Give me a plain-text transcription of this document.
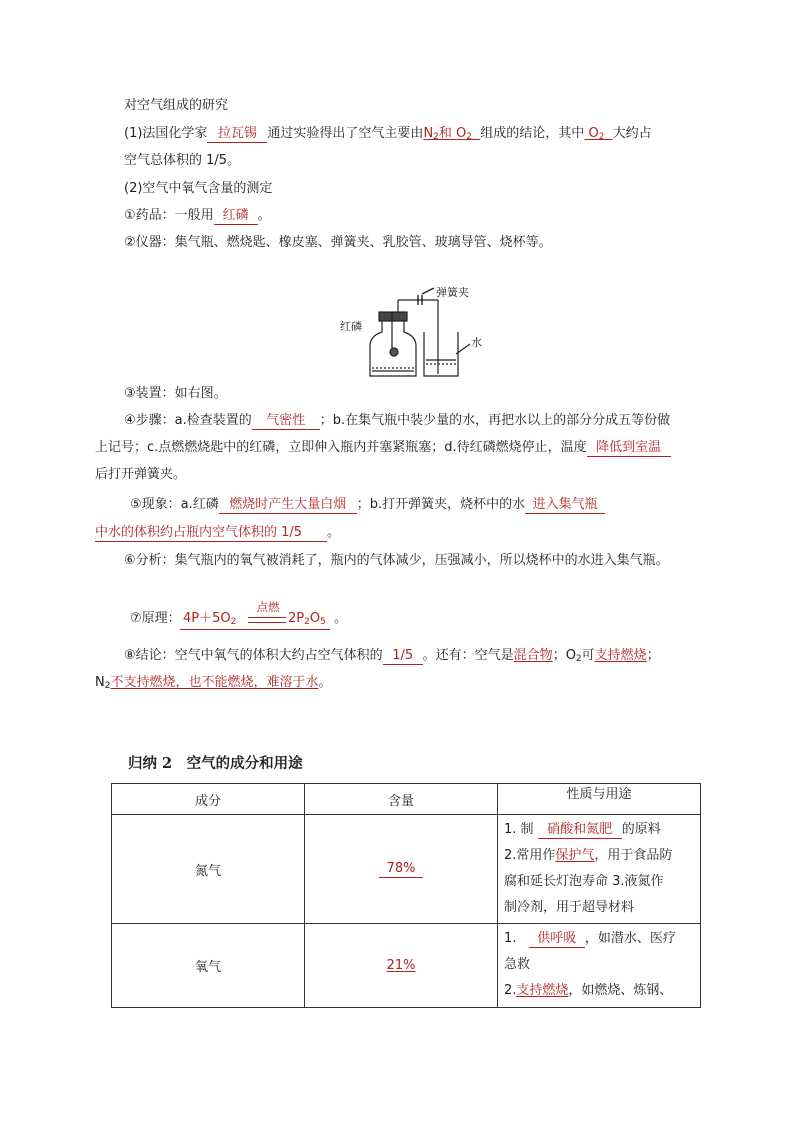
对空气组成的研究
(1)法国化学家 拉瓦锡 通过实验得出了空气主要由$N_2$和 $O_2$ 组成的结论，其中 $O_2$ 大约占
空气总体积的 1/5。
(2)空气中氧气含量的测定
①药品：一般用 红磷 。
②仪器：集气瓶、燃烧匙、橡皮塞、弹簧夹、乳胶管、玻璃导管、烧杯等。
弹簧夹
红磷
水
③装置：如右图。
④步骤：a.检查装置的 气密性 ；b.在集气瓶中装少量的水，再把水以上的部分分成五等份做
上记号；c.点燃燃烧匙中的红磷，立即伸入瓶内并塞紧瓶塞；d.待红磷燃烧停止，温度 降低到室温
后打开弹簧夹。
⑤现象：a.红磷 燃烧时产生大量白烟 ；b.打开弹簧夹，烧杯中的水 进入集气瓶
中水的体积约占瓶内空气体积的 1/5 。
⑥分析：集气瓶内的氧气被消耗了，瓶内的气体减少，压强减小，所以烧杯中的水进入集气瓶。
⑦原理： $4P+5O_2$
点燃
$2P_2O_5$ 。
⑧结论：空气中氧气的体积大约占空气体积的 1/5 。还有：空气是混合物；$O_2$可支持燃烧；
$N_2$不支持燃烧，也不能燃烧，难溶于水。
归纳 2　空气的成分和用途
成分	含量	性质与用途
氮气	78%	1. 制 硝酸和氮肥 的原料
2.常用作保护气，用于食品防
腐和延长灯泡寿命 3.液氮作
制冷剂，用于超导材料

氧气	21%	1. 供呼吸 ，如潜水、医疗
急救
2.支持燃烧，如燃烧、炼钢、
